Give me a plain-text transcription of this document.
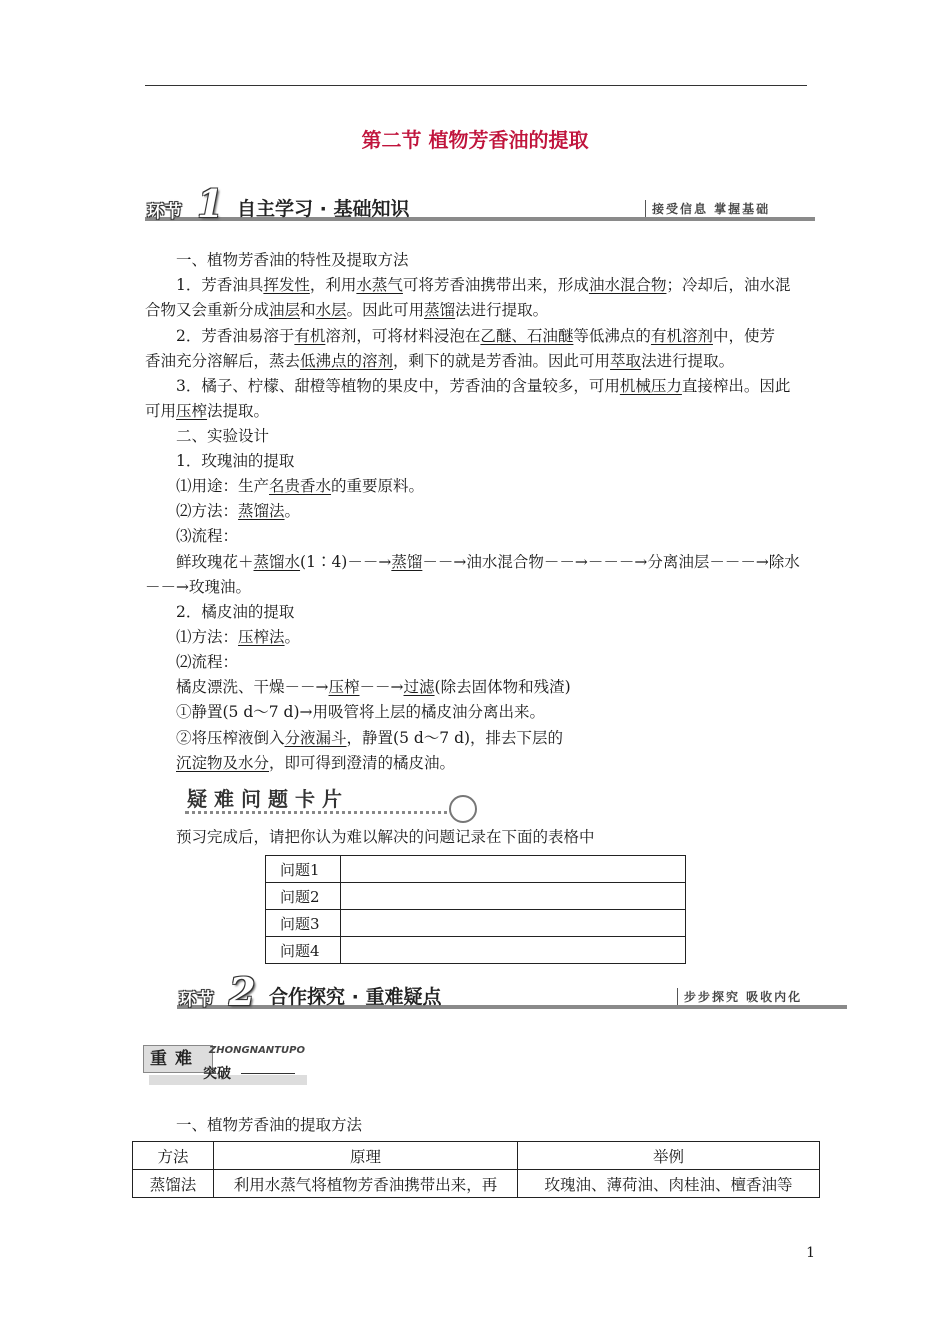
第二节 植物芳香油的提取
环节 1 自主学习 · 基础知识	接受信息 掌握基础
一、植物芳香油的特性及提取方法
1．芳香油具挥发性，利用水蒸气可将芳香油携带出来，形成油水混合物；冷却后，油水混
合物又会重新分成油层和水层。因此可用蒸馏法进行提取。
2．芳香油易溶于有机溶剂，可将材料浸泡在乙醚、石油醚等低沸点的有机溶剂中，使芳
香油充分溶解后，蒸去低沸点的溶剂，剩下的就是芳香油。因此可用萃取法进行提取。
3．橘子、柠檬、甜橙等植物的果皮中，芳香油的含量较多，可用机械压力直接榨出。因此
可用压榨法提取。
二、实验设计
1．玫瑰油的提取
⑴用途：生产名贵香水的重要原料。
⑵方法：蒸馏法。
⑶流程：
鲜玫瑰花＋蒸馏水(1∶4)－－→蒸馏－－→油水混合物－－→－－－→分离油层－－－→除水
－－→玫瑰油。
2．橘皮油的提取
⑴方法：压榨法。
⑵流程：
橘皮漂洗、干燥－－→压榨－－→过滤(除去固体物和残渣)
①静置(5 d～7 d)→用吸管将上层的橘皮油分离出来。
②将压榨液倒入分液漏斗，静置(5 d～7 d)，排去下层的
沉淀物及水分，即可得到澄清的橘皮油。
疑难问题卡片
预习完成后，请把你认为难以解决的问题记录在下面的表格中
问题1	
问题2	
问题3	
问题4	
环节 2 合作探究 · 重难疑点	步步探究 吸收内化
重难 ZHONGNANTUPO
突破
一、植物芳香油的提取方法
方法	原理	举例
蒸馏法	利用水蒸气将植物芳香油携带出来，再	玫瑰油、薄荷油、肉桂油、檀香油等
1
